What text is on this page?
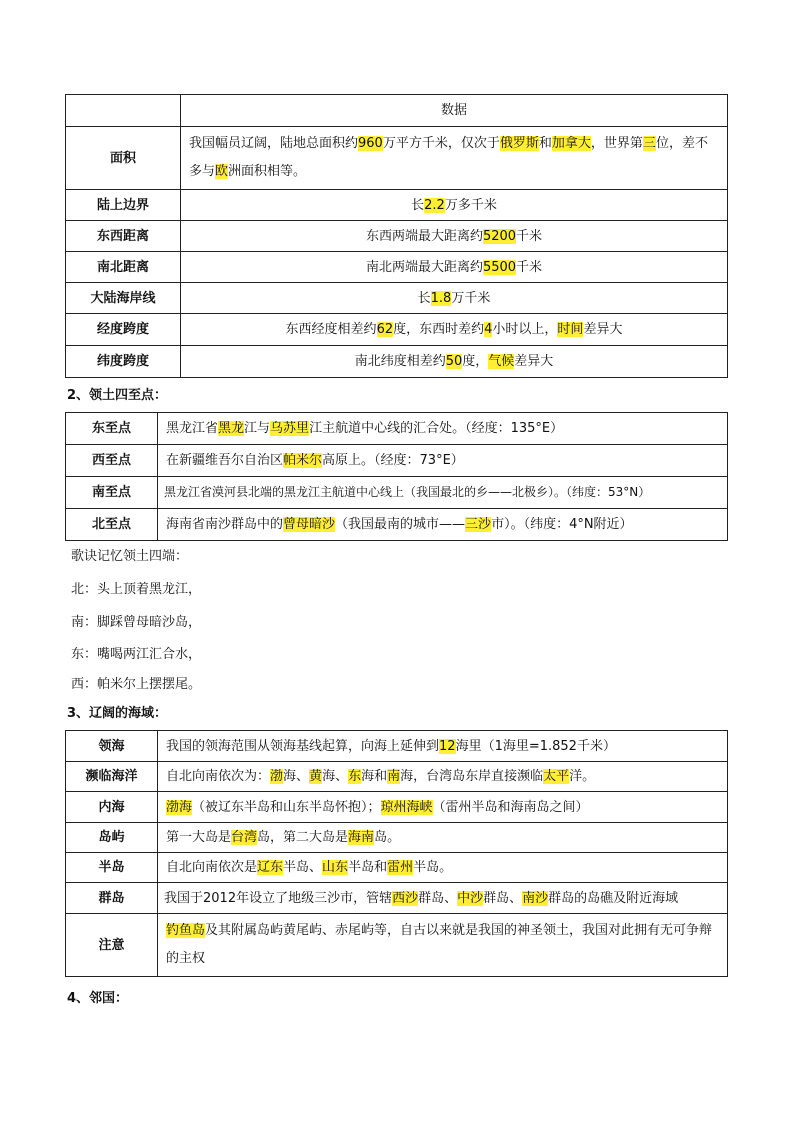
	数据
面积	我国幅员辽阔，陆地总面积约960万平方千米，仅次于俄罗斯和加拿大，世界第三位，差不多与欧洲面积相等。
陆上边界	长2.2万多千米
东西距离	东西两端最大距离约5200千米
南北距离	南北两端最大距离约5500千米
大陆海岸线	长1.8万千米
经度跨度	东西经度相差约62度，东西时差约4小时以上，时间差异大
纬度跨度	南北纬度相差约50度，气候差异大
2、领土四至点：
东至点	黑龙江省黑龙江与乌苏里江主航道中心线的汇合处。（经度：135°E）
西至点	在新疆维吾尔自治区帕米尔高原上。（经度：73°E）
南至点	黑龙江省漠河县北端的黑龙江主航道中心线上（我国最北的乡——北极乡）。（纬度：53°N）
北至点	海南省南沙群岛中的曾母暗沙（我国最南的城市——三沙市）。（纬度：4°N附近）
歌诀记忆领土四端：
北：头上顶着黑龙江，
南：脚踩曾母暗沙岛，
东：嘴喝两江汇合水，
西：帕米尔上摆摆尾。
3、辽阔的海域：
领海	我国的领海范围从领海基线起算，向海上延伸到12海里（1海里=1.852千米）
濒临海洋	自北向南依次为：渤海、黄海、东海和南海，台湾岛东岸直接濒临太平洋。
内海	渤海（被辽东半岛和山东半岛怀抱）；琼州海峡（雷州半岛和海南岛之间）
岛屿	第一大岛是台湾岛，第二大岛是海南岛。
半岛	自北向南依次是辽东半岛、山东半岛和雷州半岛。
群岛	我国于2012年设立了地级三沙市，管辖西沙群岛、中沙群岛、南沙群岛的岛礁及附近海域
注意	钓鱼岛及其附属岛屿黄尾屿、赤尾屿等，自古以来就是我国的神圣领土，我国对此拥有无可争辩的主权
4、邻国：
